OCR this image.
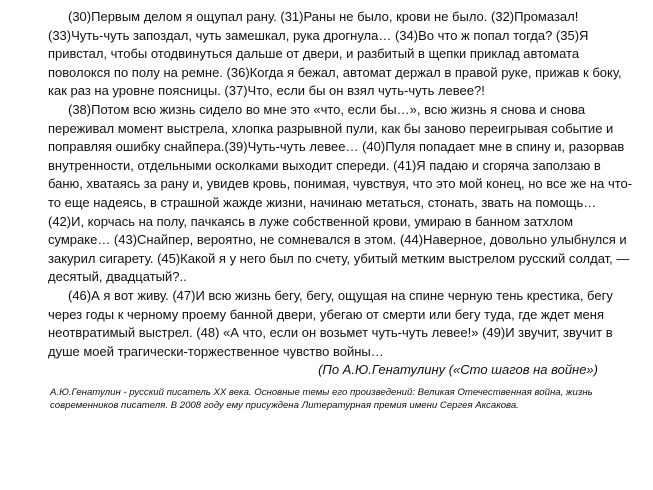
(30)Первым делом я ощупал рану. (31)Раны не было, крови не было. (32)Промазал! (33)Чуть-чуть запоздал, чуть замешкал, рука дрогнула… (34)Во что ж попал тогда? (35)Я привстал, чтобы отодвинуться дальше от двери, и разбитый в щепки приклад автомата поволокся по полу на ремне. (36)Когда я бежал, автомат держал в правой руке, прижав к боку, как раз на уровне поясницы. (37)Что, если бы он взял чуть-чуть левее?!

(38)Потом всю жизнь сидело во мне это «что, если бы…», всю жизнь я снова и снова переживал момент выстрела, хлопка разрывной пули, как бы заново переигрывая событие и поправляя ошибку снайпера.(39)Чуть-чуть левее… (40)Пуля попадает мне в спину и, разорвав внутренности, отдельными осколками выходит спереди. (41)Я падаю и сгоряча заползаю в баню, хватаясь за рану и, увидев кровь, понимая, чувствуя, что это мой конец, но все же на что-то еще надеясь, в страшной жажде жизни, начинаю метаться, стонать, звать на помощь… (42)И, корчась на полу, пачкаясь в луже собственной крови, умираю в банном затхлом сумраке… (43)Снайпер, вероятно, не сомневался в этом. (44)Наверное, довольно улыбнулся и закурил сигарету. (45)Какой я у него был по счету, убитый метким выстрелом русский солдат, — десятый, двадцатый?..

(46)А я вот живу. (47)И всю жизнь бегу, бегу, ощущая на спине черную тень крестика, бегу через годы к черному проему банной двери, убегаю от смерти или бегу туда, где ждет меня неотвратимый выстрел. (48) «А что, если он возьмет чуть-чуть левее!» (49)И звучит, звучит в душе моей трагически-торжественное чувство войны…

(По А.Ю.Генатулину («Сто шагов на войне»)

А.Ю.Генатулин - русский писатель XX века. Основные темы его произведений: Великая Отечественная война, жизнь современников писателя. В 2008 году ему присуждена Литературная премия имени Сергея Аксакова.
